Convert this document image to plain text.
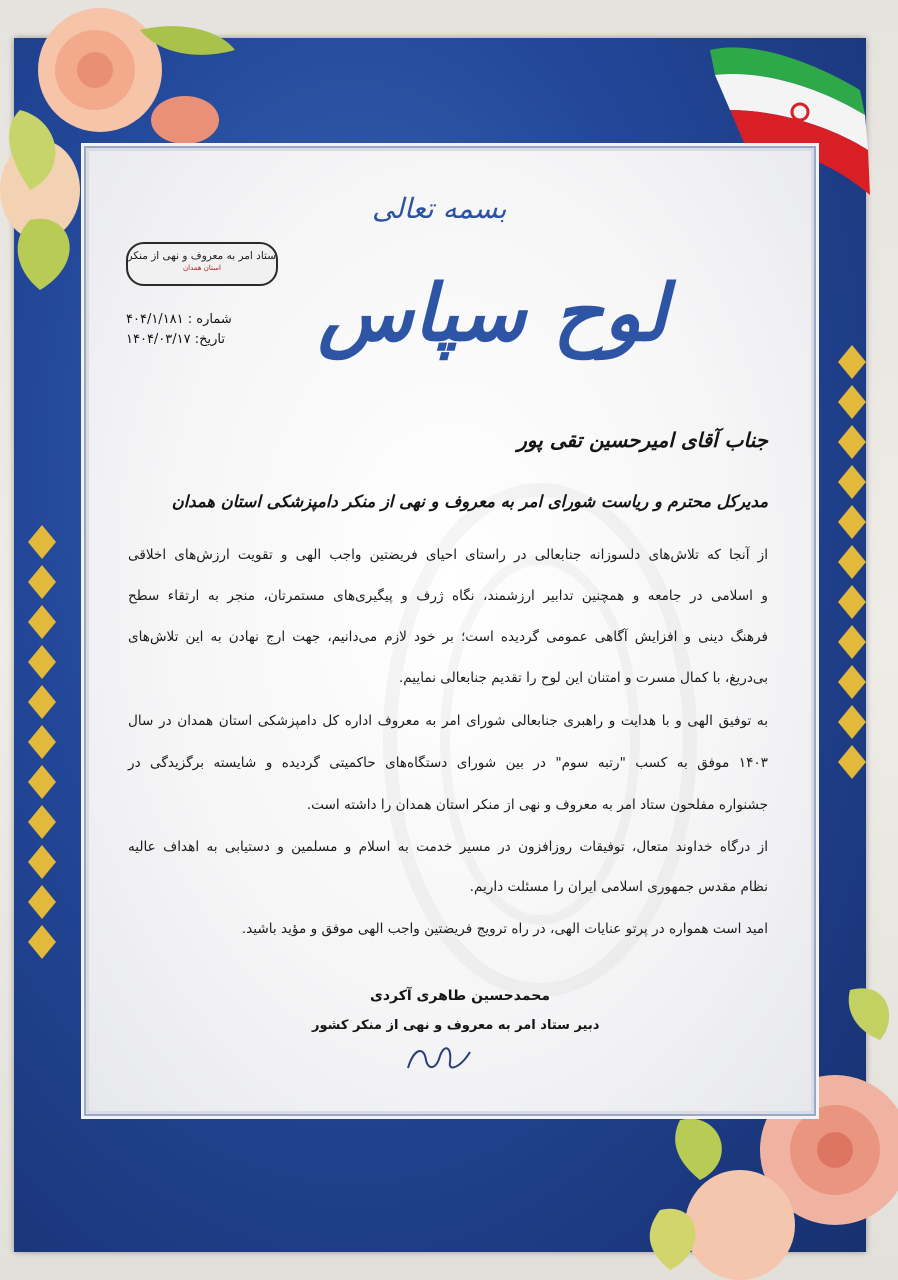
ستاد امر به معروف و نهی از منکر
استان همدان
بسمه تعالی
لوح سپاس
شماره : ۴۰۴/۱/۱۸۱
تاریخ: ۱۴۰۴/۰۳/۱۷
جناب آقای امیرحسین تقی پور
مدیرکل محترم و ریاست شورای امر به معروف و نهی از منکر دامپزشکی استان همدان
از آنجا که تلاش‌های دلسوزانه جنابعالی در راستای احیای فریضتین واجب الهی و تقویت ارزش‌های اخلاقی
و اسلامی در جامعه و همچنین تدابیر ارزشمند، نگاه ژرف و پیگیری‌های مستمرتان، منجر به ارتقاء سطح
فرهنگ دینی و افزایش آگاهی عمومی گردیده است؛ بر خود لازم می‌دانیم، جهت ارج نهادن به این تلاش‌های
بی‌دریغ، با کمال مسرت و امتنان این لوح را تقدیم جنابعالی نماییم.
به توفیق الهی و با هدایت و راهبری جنابعالی شورای امر به معروف اداره کل دامپزشکی استان همدان در سال
۱۴۰۳ موفق به کسب "رتبه سوم" در بین شورای دستگاه‌های حاکمیتی گردیده و شایسته برگزیدگی در
جشنواره مفلحون ستاد امر به معروف و نهی از منکر استان همدان را داشته است.
از درگاه خداوند متعال، توفیقات روزافزون در مسیر خدمت به اسلام و مسلمین و دستیابی به اهداف عالیه
نظام مقدس جمهوری اسلامی ایران را مسئلت داریم.
امید است همواره در پرتو عنایات الهی، در راه ترویج فریضتین واجب الهی موفق و مؤید باشید.
محمدحسین طاهری آکردی
دبیر ستاد امر به معروف و نهی از منکر کشور
